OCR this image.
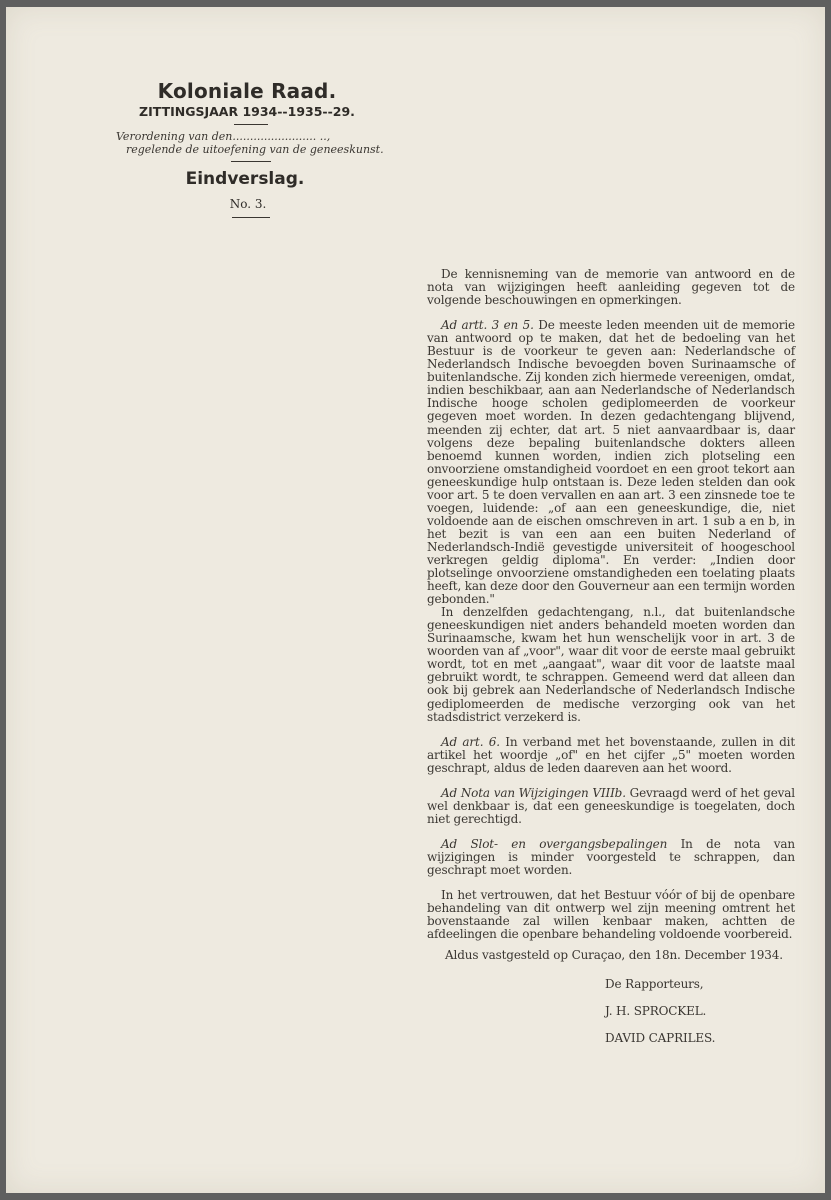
Koloniale Raad.
ZITTINGSJAAR 1934--1935--29.
Verordening van den........................ ..,
regelende de uitoefening van de geneeskunst.
Eindverslag.
No. 3.

De kennisneming van de memorie van antwoord en de nota van wijzigingen heeft aanleiding gegeven tot de volgende beschouwingen en opmerkingen.

Ad artt. 3 en 5. De meeste leden meenden uit de memorie van antwoord op te maken, dat het de bedoeling van het Bestuur is de voorkeur te geven aan: Nederlandsche of Nederlandsch Indische bevoegden boven Surinaamsche of buitenlandsche. Zij konden zich hiermede vereenigen, omdat, indien beschikbaar, aan aan Nederlandsche of Nederlandsch Indische hooge scholen gediplomeerden de voorkeur gegeven moet worden. In dezen gedachtengang blijvend, meenden zij echter, dat art. 5 niet aanvaardbaar is, daar volgens deze bepaling buitenlandsche dokters alleen benoemd kunnen worden, indien zich plotseling een onvoorziene omstandigheid voordoet en een groot tekort aan geneeskundige hulp ontstaan is. Deze leden stelden dan ook voor art. 5 te doen vervallen en aan art. 3 een zinsnede toe te voegen, luidende: „of aan een geneeskundige, die, niet voldoende aan de eischen omschreven in art. 1 sub a en b, in het bezit is van een aan een buiten Nederland of Nederlandsch-Indië gevestigde universiteit of hoogeschool verkregen geldig diploma". En verder: „Indien door plotselinge onvoorziene omstandigheden een toelating plaats heeft, kan deze door den Gouverneur aan een termijn worden gebonden."

In denzelfden gedachtengang, n.l., dat buitenlandsche geneeskundigen niet anders behandeld moeten worden dan Surinaamsche, kwam het hun wenschelijk voor in art. 3 de woorden van af „voor", waar dit voor de eerste maal gebruikt wordt, tot en met „aangaat", waar dit voor de laatste maal gebruikt wordt, te schrappen. Gemeend werd dat alleen dan ook bij gebrek aan Nederlandsche of Nederlandsch Indische gediplomeerden de medische verzorging ook van het stadsdistrict verzekerd is.

Ad art. 6. In verband met het bovenstaande, zullen in dit artikel het woordje „of" en het cijfer „5" moeten worden geschrapt, aldus de leden daareven aan het woord.

Ad Nota van Wijzigingen VIIIb. Gevraagd werd of het geval wel denkbaar is, dat een geneeskundige is toegelaten, doch niet gerechtigd.

Ad Slot- en overgangsbepalingen In de nota van wijzigingen is minder voorgesteld te schrappen, dan geschrapt moet worden.

In het vertrouwen, dat het Bestuur vóór of bij de openbare behandeling van dit ontwerp wel zijn meening omtrent het bovenstaande zal willen kenbaar maken, achtten de afdeelingen die openbare behandeling voldoende voorbereid.

Aldus vastgesteld op Curaçao, den 18n. December 1934.
De Rapporteurs,
J. H. SPROCKEL.
DAVID CAPRILES.
